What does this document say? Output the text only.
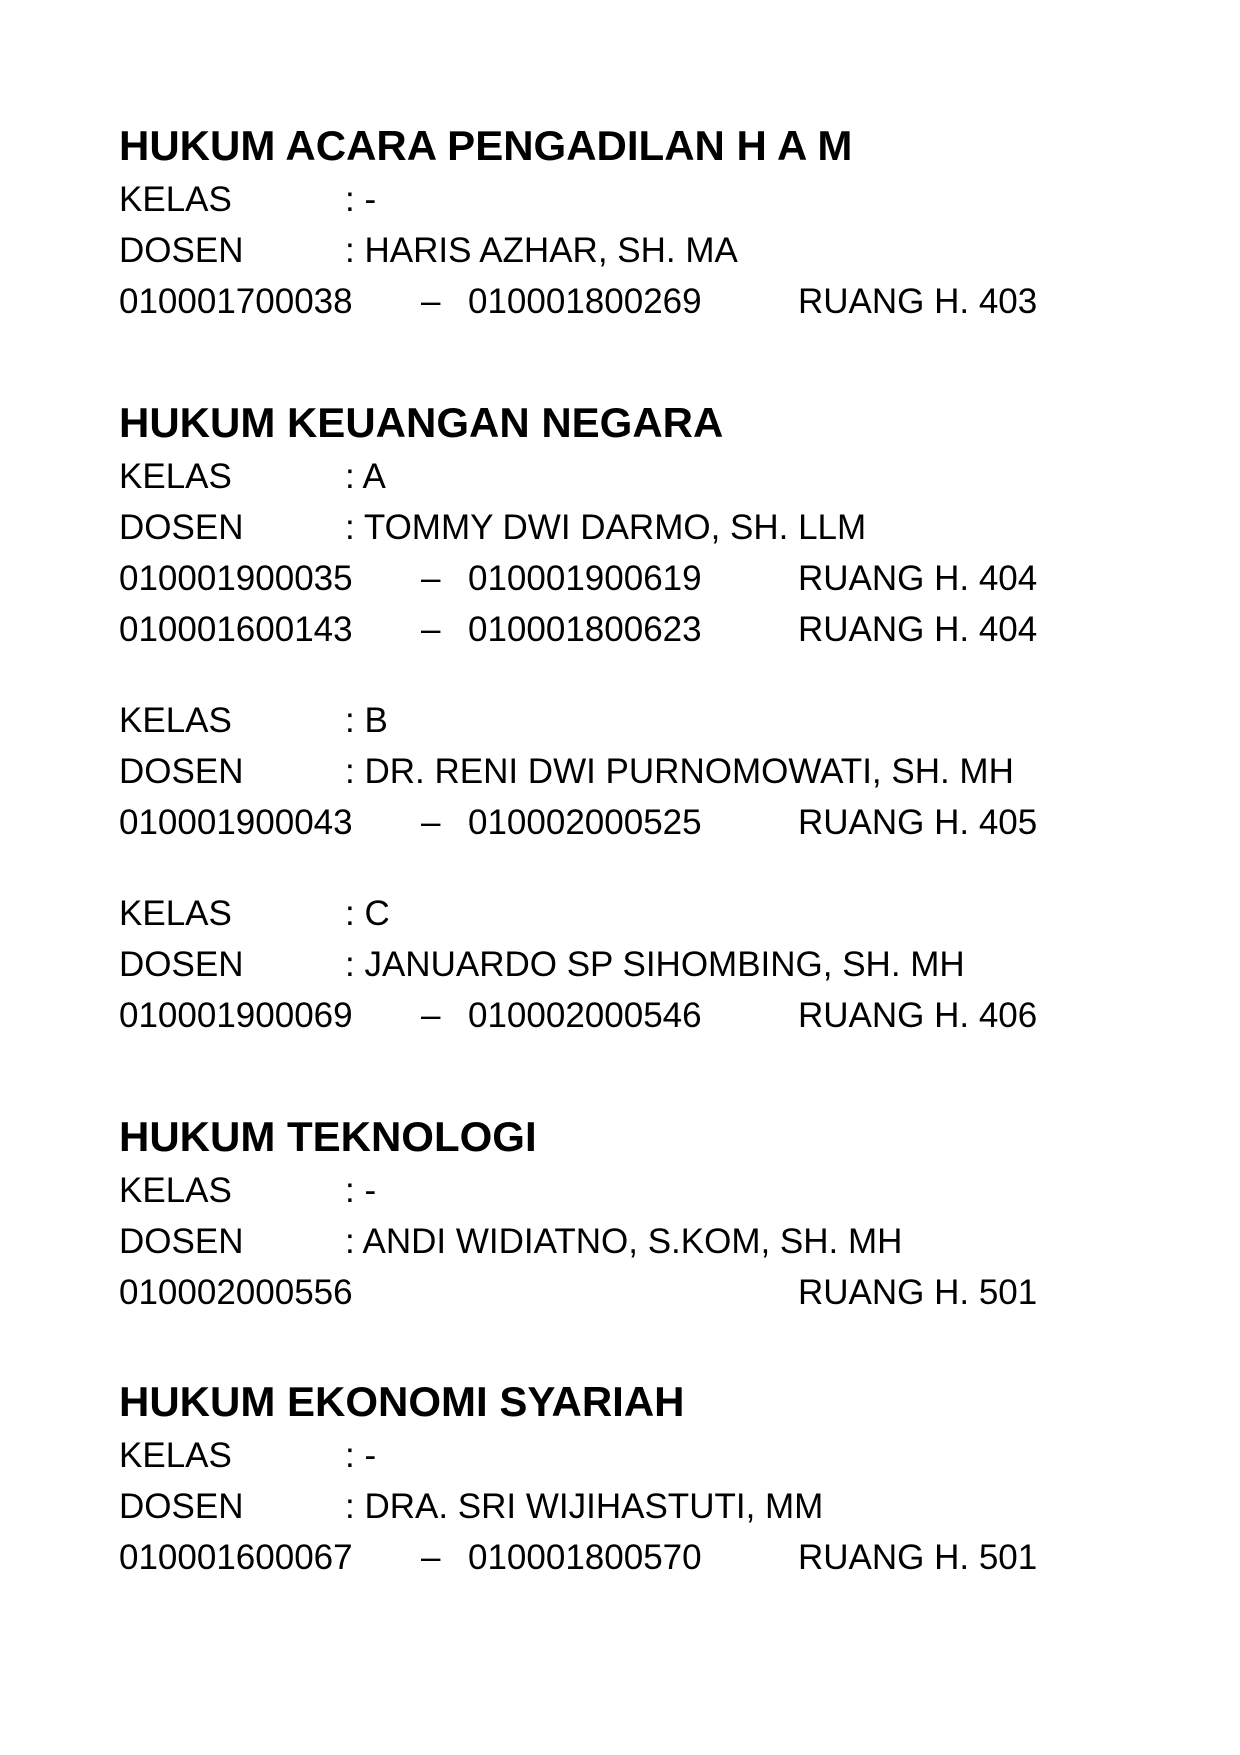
HUKUM ACARA PENGADILAN H A M
KELAS	: -
DOSEN	: HARIS AZHAR, SH. MA
010001700038 – 010001800269	RUANG H. 403
HUKUM KEUANGAN NEGARA
KELAS	: A
DOSEN	: TOMMY DWI DARMO, SH. LLM
010001900035 – 010001900619	RUANG H. 404
010001600143 – 010001800623	RUANG H. 404
KELAS	: B
DOSEN	: DR. RENI DWI PURNOMOWATI, SH. MH
010001900043 – 010002000525	RUANG H. 405
KELAS	: C
DOSEN	: JANUARDO SP SIHOMBING, SH. MH
010001900069 – 010002000546	RUANG H. 406
HUKUM TEKNOLOGI
KELAS	: -
DOSEN	: ANDI WIDIATNO, S.KOM, SH. MH
010002000556	RUANG H. 501
HUKUM EKONOMI SYARIAH
KELAS	: -
DOSEN	: DRA. SRI WIJIHASTUTI, MM
010001600067 – 010001800570	RUANG H. 501
